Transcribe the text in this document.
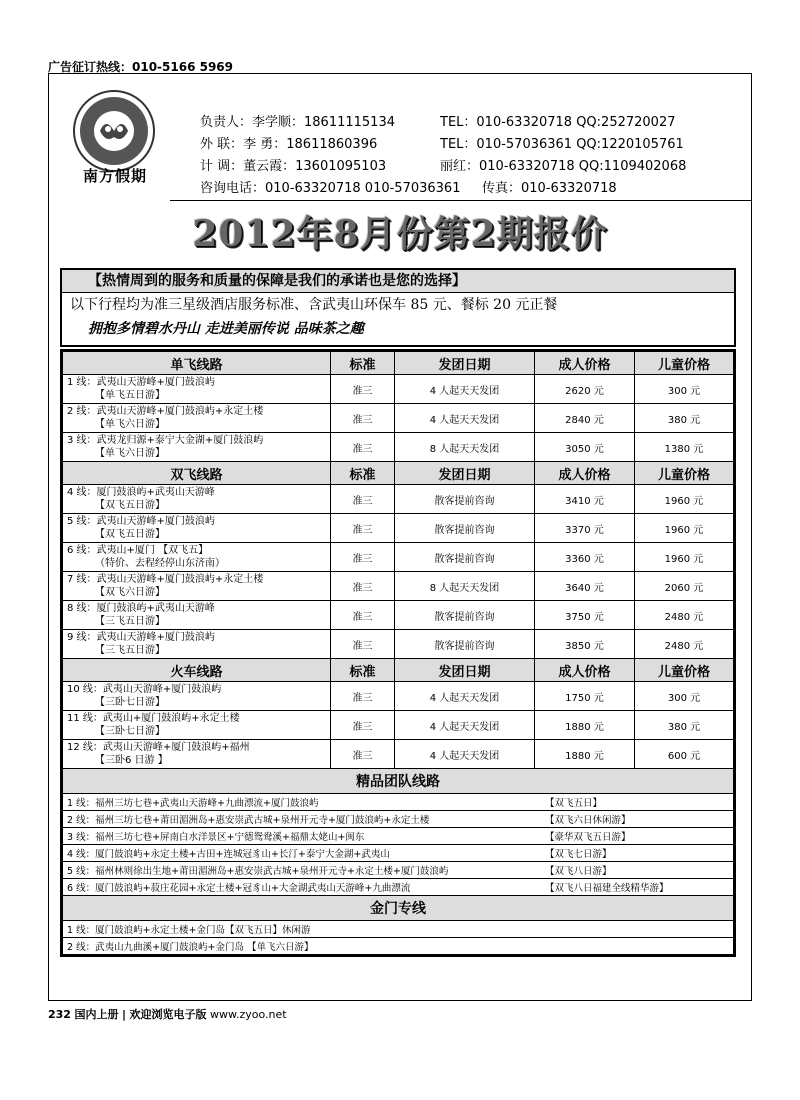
广告征订热线：010-5166 5969
南方假期
负责人：李学顺：18611115134	TEL：010-63320718 QQ:252720027
外 联：李 勇：18611860396	TEL：010-57036361 QQ:1220105761
计 调：董云霞：13601095103	丽红：010-63320718 QQ:1109402068
咨询电话：010-63320718 010-57036361	传真：010-63320718
2012年8月份第2期报价
【热情周到的服务和质量的保障是我们的承诺也是您的选择】
以下行程均为准三星级酒店服务标准、含武夷山环保车 85 元、餐标 20 元正餐
拥抱多情碧水丹山 走进美丽传说 品味茶之趣
单飞线路	标准	发团日期	成人价格	儿童价格

1 线：武夷山天游峰+厦门鼓浪屿
【单飞五日游】	准三	4 人起天天发团	2620 元	300 元

2 线：武夷山天游峰+厦门鼓浪屿+永定土楼
【单飞六日游】	准三	4 人起天天发团	2840 元	380 元

3 线：武夷龙归源+泰宁大金湖+厦门鼓浪屿
【单飞六日游】	准三	8 人起天天发团	3050 元	1380 元
双飞线路	标准	发团日期	成人价格	儿童价格

4 线：厦门鼓浪屿+武夷山天游峰
【双飞五日游】	准三	散客提前咨询	3410 元	1960 元

5 线：武夷山天游峰+厦门鼓浪屿
【双飞五日游】	准三	散客提前咨询	3370 元	1960 元

6 线：武夷山+厦门 【双飞五】
（特价、去程经停山东济南）	准三	散客提前咨询	3360 元	1960 元

7 线：武夷山天游峰+厦门鼓浪屿+永定土楼
【双飞六日游】	准三	8 人起天天发团	3640 元	2060 元

8 线：厦门鼓浪屿+武夷山天游峰
【三飞五日游】	准三	散客提前咨询	3750 元	2480 元

9 线：武夷山天游峰+厦门鼓浪屿
【三飞五日游】	准三	散客提前咨询	3850 元	2480 元
火车线路	标准	发团日期	成人价格	儿童价格

10 线：武夷山天游峰+厦门鼓浪屿
【三卧七日游】	准三	4 人起天天发团	1750 元	300 元

11 线：武夷山+厦门鼓浪屿+永定土楼
【三卧七日游】	准三	4 人起天天发团	1880 元	380 元

12 线：武夷山天游峰+厦门鼓浪屿+福州
【三卧6 日游 】	准三	4 人起天天发团	1880 元	600 元
精品团队线路				

1 线：福州三坊七巷+武夷山天游峰+九曲漂流+厦门鼓浪屿 【双飞五日】				

2 线：福州三坊七巷+莆田湄洲岛+惠安崇武古城+泉州开元寺+厦门鼓浪屿+永定土楼 【双飞六日休闲游】				

3 线：福州三坊七巷+屏南白水洋景区+宁德鸳鸯溪+福鼎太姥山+闽东 【豪华双飞五日游】				

4 线：厦门鼓浪屿+永定土楼+古田+连城冠豸山+长汀+泰宁大金湖+武夷山 【双飞七日游】				

5 线：福州林则徐出生地+莆田湄洲岛+惠安崇武古城+泉州开元寺+永定土楼+厦门鼓浪屿 【双飞八日游】				

6 线：厦门鼓浪屿+菽庄花园+永定土楼+冠豸山+大金湖武夷山天游峰+九曲漂流 【双飞八日福建全线精华游】				

金门专线				
1 线：厦门鼓浪屿+永定土楼+金门岛【双飞五日】休闲游				
2 线：武夷山九曲溪+厦门鼓浪屿+金门岛 【单飞六日游】				
232 国内上册 | 欢迎浏览电子版 www.zyoo.net
